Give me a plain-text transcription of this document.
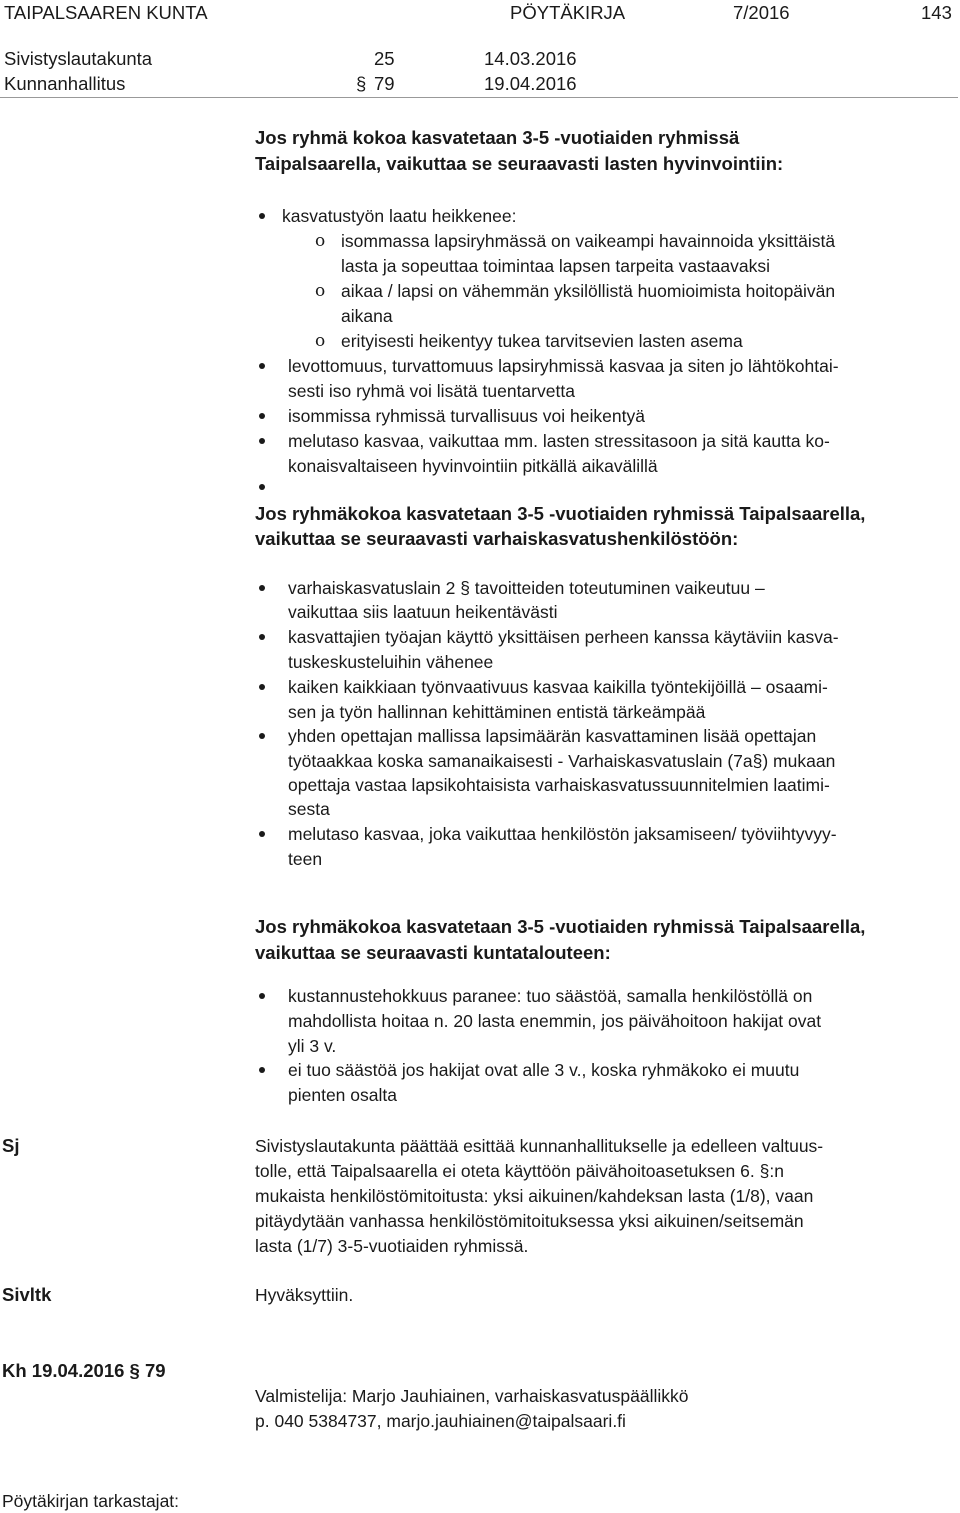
TAIPALSAAREN KUNTA	PÖYTÄKIRJA	7/2016	143
Sivistyslautakunta	25	14.03.2016
Kunnanhallitus	§ 79	19.04.2016
Jos ryhmä kokoa kasvatetaan 3-5 -vuotiaiden ryhmissä
Taipalsaarella, vaikuttaa se seuraavasti lasten hyvinvointiin:
kasvatustyön laatu heikkenee:
o isommassa lapsiryhmässä on vaikeampi havainnoida yksittäistä
lasta ja sopeuttaa toimintaa lapsen tarpeita vastaavaksi
o aikaa / lapsi on vähemmän yksilöllistä huomioimista hoitopäivän
aikana
o erityisesti heikentyy tukea tarvitsevien lasten asema
levottomuus, turvattomuus lapsiryhmissä kasvaa ja siten jo lähtökohtai-
sesti iso ryhmä voi lisätä tuentarvetta
isommissa ryhmissä turvallisuus voi heikentyä
melutaso kasvaa, vaikuttaa mm. lasten stressitasoon ja sitä kautta ko-
konaisvaltaiseen hyvinvointiin pitkällä aikavälillä
Jos ryhmäkokoa kasvatetaan 3-5 -vuotiaiden ryhmissä Taipalsaarella,
vaikuttaa se seuraavasti varhaiskasvatushenkilöstöön:
varhaiskasvatuslain 2 § tavoitteiden toteutuminen vaikeutuu –
vaikuttaa siis laatuun heikentävästi
kasvattajien työajan käyttö yksittäisen perheen kanssa käytäviin kasva-
tuskeskusteluihin vähenee
kaiken kaikkiaan työnvaativuus kasvaa kaikilla työntekijöillä – osaami-
sen ja työn hallinnan kehittäminen entistä tärkeämpää
yhden opettajan mallissa lapsimäärän kasvattaminen lisää opettajan
työtaakkaa koska samanaikaisesti - Varhaiskasvatuslain (7a§) mukaan
opettaja vastaa lapsikohtaisista varhaiskasvatussuunnitelmien laatimi-
sesta
melutaso kasvaa, joka vaikuttaa henkilöstön jaksamiseen/ työviihtyvyy-
teen
Jos ryhmäkokoa kasvatetaan 3-5 -vuotiaiden ryhmissä Taipalsaarella,
vaikuttaa se seuraavasti kuntatalouteen:
kustannustehokkuus paranee: tuo säästöä, samalla henkilöstöllä on
mahdollista hoitaa n. 20 lasta enemmin, jos päivähoitoon hakijat ovat
yli 3 v.
ei tuo säästöä jos hakijat ovat alle 3 v., koska ryhmäkoko ei muutu
pienten osalta
Sj	Sivistyslautakunta päättää esittää kunnanhallitukselle ja edelleen valtuus-
tolle, että Taipalsaarella ei oteta käyttöön päivähoitoasetuksen 6. §:n
mukaista henkilöstömitoitusta: yksi aikuinen/kahdeksan lasta (1/8), vaan
pitäydytään vanhassa henkilöstömitoituksessa yksi aikuinen/seitsemän
lasta (1/7) 3-5-vuotiaiden ryhmissä.
Sivltk	Hyväksyttiin.
Kh 19.04.2016 § 79
Valmistelija: Marjo Jauhiainen, varhaiskasvatuspäällikkö
p. 040 5384737, marjo.jauhiainen@taipalsaari.fi
Pöytäkirjan tarkastajat:
